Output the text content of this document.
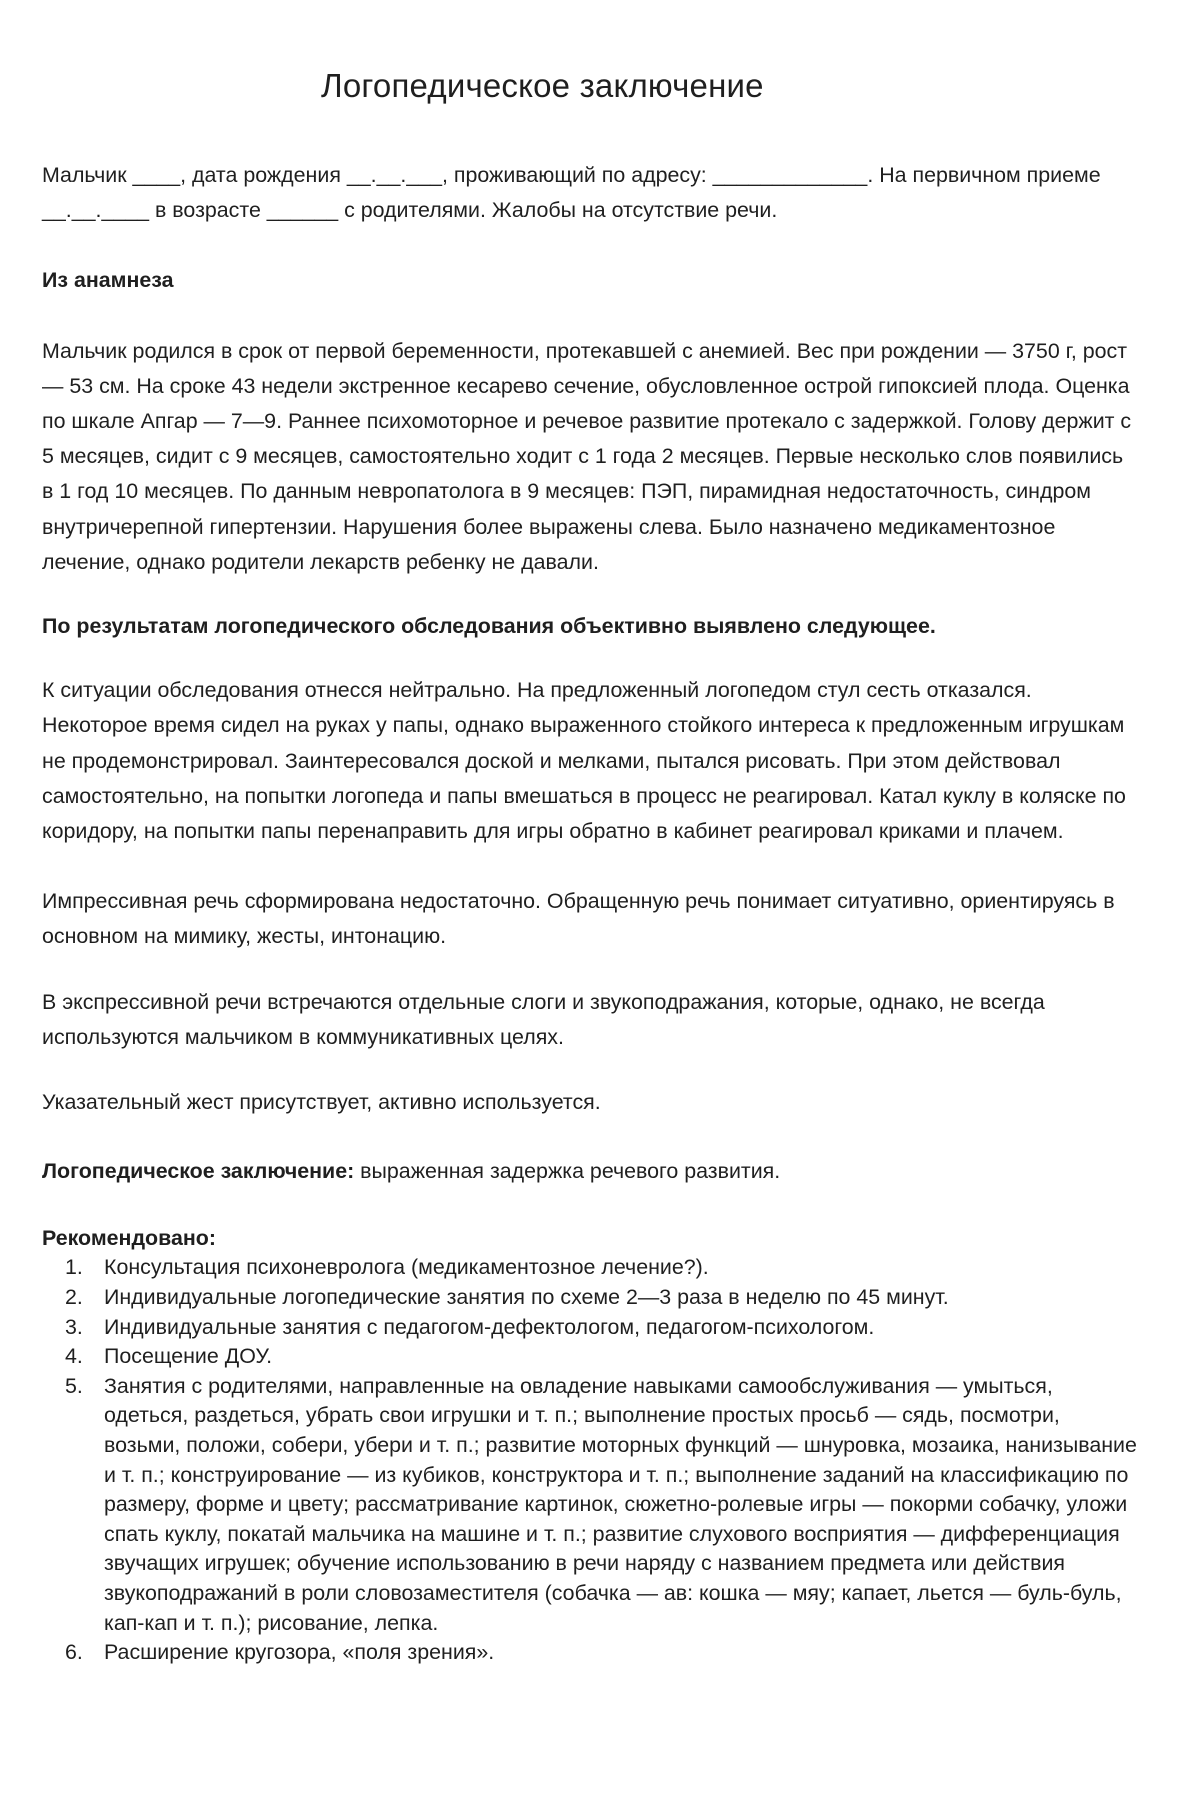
Логопедическое заключение

Мальчик ____, дата рождения __.__.___, проживающий по адресу: _____________. На первичном приеме __.__.____ в возрасте ______ с родителями. Жалобы на отсутствие речи.

Из анамнеза

Мальчик родился в срок от первой беременности, протекавшей с анемией. Вес при рождении — 3750 г, рост — 53 см. На сроке 43 недели экстренное кесарево сечение, обусловленное острой гипоксией плода. Оценка по шкале Апгар — 7—9. Раннее психомоторное и речевое развитие протекало с задержкой. Голову держит с 5 месяцев, сидит с 9 месяцев, самостоятельно ходит с 1 года 2 месяцев. Первые несколько слов появились в 1 год 10 месяцев. По данным невропатолога в 9 месяцев: ПЭП, пирамидная недостаточность, синдром внутричерепной гипертензии. Нарушения более выражены слева. Было назначено медикаментозное лечение, однако родители лекарств ребенку не давали.

По результатам логопедического обследования объективно выявлено следующее.

К ситуации обследования отнесся нейтрально. На предложенный логопедом стул сесть отказался. Некоторое время сидел на руках у папы, однако выраженного стойкого интереса к предложенным игрушкам не продемонстрировал. Заинтересовался доской и мелками, пытался рисовать. При этом действовал самостоятельно, на попытки логопеда и папы вмешаться в процесс не реагировал. Катал куклу в коляске по коридору, на попытки папы перенаправить для игры обратно в кабинет реагировал криками и плачем.

Импрессивная речь сформирована недостаточно. Обращенную речь понимает ситуативно, ориентируясь в основном на мимику, жесты, интонацию.

В экспрессивной речи встречаются отдельные слоги и звукоподражания, которые, однако, не всегда используются мальчиком в коммуникативных целях.

Указательный жест присутствует, активно используется.

Логопедическое заключение: выраженная задержка речевого развития.

Рекомендовано:

1. Консультация психоневролога (медикаментозное лечение?).
2. Индивидуальные логопедические занятия по схеме 2—3 раза в неделю по 45 минут.
3. Индивидуальные занятия с педагогом-дефектологом, педагогом-психологом.
4. Посещение ДОУ.
5. Занятия с родителями, направленные на овладение навыками самообслуживания — умыться, одеться, раздеться, убрать свои игрушки и т. п.; выполнение простых просьб — сядь, посмотри, возьми, положи, собери, убери и т. п.; развитие моторных функций — шнуровка, мозаика, нанизывание и т. п.; конструирование — из кубиков, конструктора и т. п.; выполнение заданий на классификацию по размеру, форме и цвету; рассматривание картинок, сюжетно-ролевые игры — покорми собачку, уложи спать куклу, покатай мальчика на машине и т. п.; развитие слухового восприятия — дифференциация звучащих игрушек; обучение использованию в речи наряду с названием предмета или действия звукоподражаний в роли словозаместителя (собачка — ав: кошка — мяу; капает, льется — буль-буль, кап-кап и т. п.); рисование, лепка.
6. Расширение кругозора, «поля зрения».
